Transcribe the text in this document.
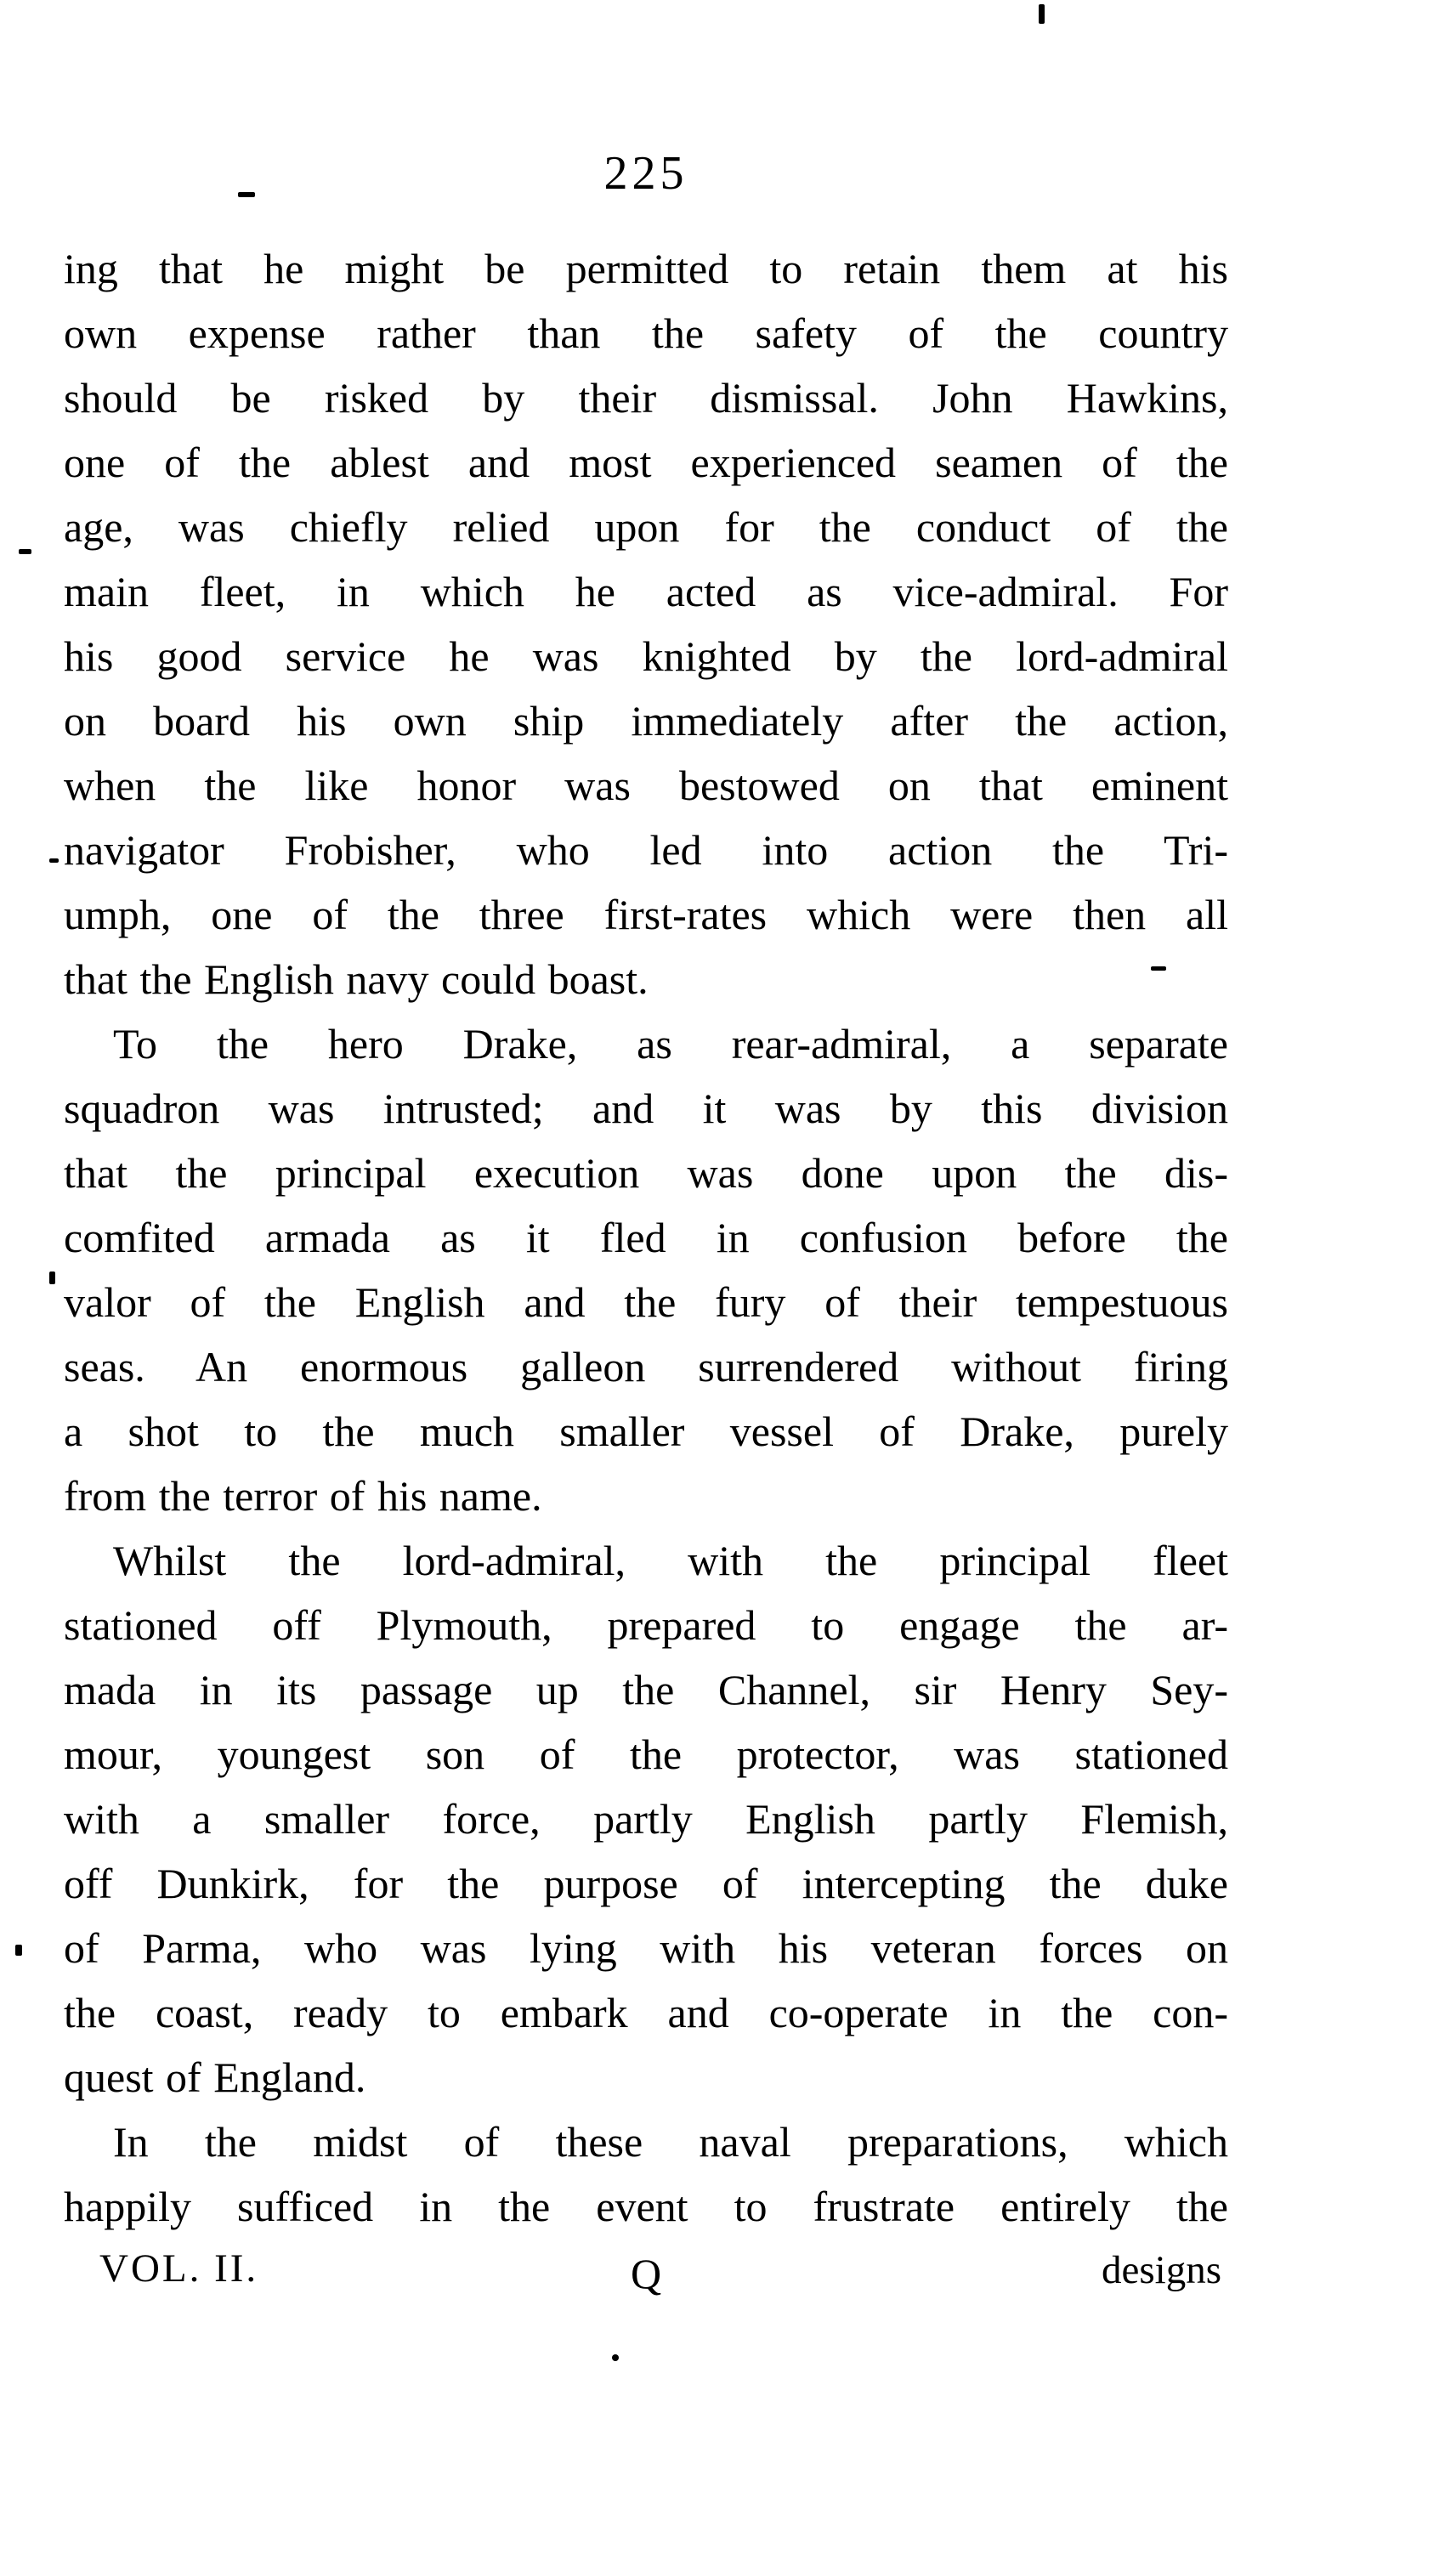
225
ing that he might be permitted to retain them at his
own expense rather than the safety of the country
should be risked by their dismissal. John Hawkins,
one of the ablest and most experienced seamen of the
age, was chiefly relied upon for the conduct of the
main fleet, in which he acted as vice-admiral. For
his good service he was knighted by the lord-admiral
on board his own ship immediately after the action,
when the like honor was bestowed on that eminent
navigator Frobisher, who led into action the Tri-
umph, one of the three first-rates which were then all
that the English navy could boast.
To the hero Drake, as rear-admiral, a separate
squadron was intrusted; and it was by this division
that the principal execution was done upon the dis-
comfited armada as it fled in confusion before the
valor of the English and the fury of their tempestuous
seas. An enormous galleon surrendered without firing
a shot to the much smaller vessel of Drake, purely
from the terror of his name.
Whilst the lord-admiral, with the principal fleet
stationed off Plymouth, prepared to engage the ar-
mada in its passage up the Channel, sir Henry Sey-
mour, youngest son of the protector, was stationed
with a smaller force, partly English partly Flemish,
off Dunkirk, for the purpose of intercepting the duke
of Parma, who was lying with his veteran forces on
the coast, ready to embark and co-operate in the con-
quest of England.
In the midst of these naval preparations, which
happily sufficed in the event to frustrate entirely the
VOL. II.	Q	designs
